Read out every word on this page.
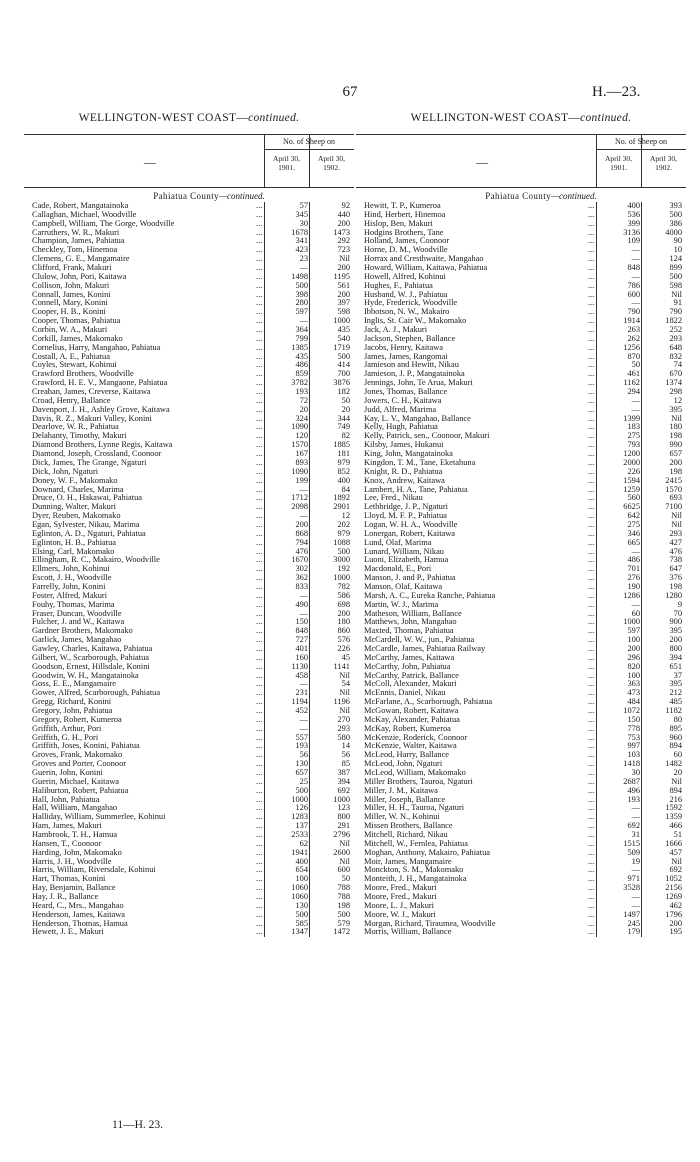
67	H.—23.
WELLINGTON-WEST COAST—continued.
—
No. of Sheep on
April 30,
1901.
April 30,
1902.
Pahiatua County—continued.
Cade, Robert, Mangatainoka	...	57	92
Callaghan, Michael, Woodville	...	345	440
Campbell, William, The Gorge, Woodville	...	30	200
Carruthers, W. R., Makuri	...	1678	1473
Champion, James, Pahiatua	...	341	292
Checkley, Tom, Hinemoa	...	423	723
Clemens, G. E., Mangamaire	...	23	Nil
Clifford, Frank, Makuri	...	—	200
Clulow, John, Pori, Kaitawa	...	1498	1195
Collison, John, Makuri	...	500	561
Connall, James, Konini	...	398	200
Connell, Mary, Konini	...	280	397
Cooper, H. B., Konini	...	597	598
Cooper, Thomas, Pahiatua	...	—	1000
Corbin, W. A., Makuri	...	364	435
Corkill, James, Makomako	...	799	540
Cornelius, Harry, Mangahao, Pahiatua	...	1385	1719
Costall, A. E., Pahiatua	...	435	500
Coyles, Stewart, Kohinui	...	486	414
Crawford Brothers, Woodville	...	859	700
Crawford, H. E. V., Mangaone, Pahiatua	...	3782	3876
Creahan, James, Creverse, Kaitawa	...	193	182
Croad, Henry, Ballance	...	72	50
Davenport, J. H., Ashley Grove, Kaitawa	...	20	20
Davis, R. Z., Makuri Valley, Konini	...	324	344
Dearlove, W. R., Pahiatua	...	1090	749
Delahanty, Timothy, Makuri	...	120	82
Diamond Brothers, Lynne Regis, Kaitawa	...	1570	1885
Diamond, Joseph, Crossland, Coonoor	...	167	181
Dick, James, The Grange, Ngaturi	...	893	979
Dick, John, Ngaturi	...	1090	852
Doney, W. F., Makomako	...	199	400
Downard, Charles, Marima	...	—	84
Druce, O. H., Hakawai, Pahiatua	...	1712	1892
Dunning, Walter, Makuri	...	2098	2901
Dyer, Reuben, Makomako	...	—	12
Egan, Sylvester, Nikau, Marima	...	200	202
Eglinton, A. D., Ngaturi, Pahiatua	...	868	979
Eglinton, H. B., Pahiatua	...	794	1088
Elsing, Carl, Makomako	...	476	500
Ellingham, R. C., Makairo, Woodville	...	1670	3000
Ellmers, John, Kohinui	...	302	192
Escott, J. H., Woodville	...	362	1000
Farrelly, John, Konini	...	833	782
Foster, Alfred, Makuri	...	—	586
Fouhy, Thomas, Marima	...	490	698
Fraser, Duncan, Woodville	...	—	200
Fulcher, J. and W., Kaitawa	...	150	180
Gardner Brothers, Makomako	...	848	860
Garlick, James, Mangahao	...	727	576
Gawley, Charles, Kaitawa, Pahiatua	...	401	226
Gilbert, W., Scarborough, Pahiatua	...	160	45
Goodson, Ernest, Hillsdale, Konini	...	1130	1141
Goodwin, W. H., Mangatainoka	...	458	Nil
Goss, E. E., Mangamaire	...	—	54
Gower, Alfred, Scarborough, Pahiatua	...	231	Nil
Gregg, Richard, Konini	...	1194	1196
Gregory, John, Pahiatua	...	452	Nil
Gregory, Robert, Kumeroa	...	—	270
Griffith, Arthur, Pori	...	—	293
Griffith, G. H., Pori	...	557	580
Griffith, Joses, Konini, Pahiatua	...	193	14
Groves, Frank, Makomako	...	56	56
Groves and Porter, Coonoor	...	130	85
Guerin, John, Konini	...	657	387
Guerin, Michael, Kaitawa	...	25	394
Haliburton, Robert, Pahiatua	...	500	692
Hall, John, Pahiatua	...	1000	1000
Hall, William, Mangahao	...	126	123
Halliday, William, Summerlee, Kohinui	...	1283	800
Ham, James, Makuri	...	137	291
Hambrook, T. H., Hamua	...	2533	2796
Hansen, T., Coonoor	...	62	Nil
Harding, John, Makomako	...	1941	2600
Harris, J. H., Woodville	...	400	Nil
Harris, William, Riversdale, Kohinui	...	654	600
Hart, Thomas, Konini	...	100	50
Hay, Benjamin, Ballance	...	1060	788
Hay, J. R., Ballance	...	1060	788
Heard, C., Mrs., Mangahao	...	130	198
Henderson, James, Kaitawa	...	500	500
Henderson, Thomas, Hamua	...	585	579
Hewett, J. E., Makuri	...	1347	1472
WELLINGTON-WEST COAST—continued.
—
No. of Sheep on
April 30,
1901.
April 30,
1902.
Pahiatua County—continued.
Hewitt, T. P., Kumeroa	...	400	393
Hind, Herbert, Hinemoa	...	536	500
Hislop, Ben, Makuri	...	399	386
Hodgins Brothers, Tane	...	3136	4000
Holland, James, Coonoor	...	109	90
Horne, D. M., Woodville	...	—	10
Horrax and Cresthwaite, Mangahao	...	—	124
Howard, William, Kaitawa, Pahiatua	...	848	899
Howell, Alfred, Kohinui	...	—	500
Hughes, F., Pahiatua	...	786	598
Husband, W. J., Pahiatua	...	600	Nil
Hyde, Frederick, Woodville	...	—	91
Ibbotson, N. W., Makairo	...	790	790
Inglis, St. Cair W., Makomako	...	1914	1822
Jack, A. J., Makuri	...	263	252
Jackson, Stephen, Ballance	...	262	293
Jacobs, Henry, Kaitawa	...	1256	648
James, James, Rangomai	...	870	832
Jamieson and Hewitt, Nikau	...	50	74
Jamieson, J. P., Mangatainoka	...	461	670
Jennings, John, Te Arua, Makuri	...	1162	1374
Jones, Thomas, Ballance	...	294	298
Jowers, C. H., Kaitawa	...	—	12
Judd, Alfred, Marima	...	—	395
Kay, L. V., Mangahao, Ballance	...	1399	Nil
Kelly, Hugh, Pahiatua	...	183	180
Kelly, Patrick, sen., Coonoor, Makuri	...	275	198
Kilsby, James, Hukanui	...	793	990
King, John, Mangatainoka	...	1200	657
Kingdon, T. M., Tane, Eketahuna	...	2000	200
Knight, R. D., Pahiatua	...	226	198
Knox, Andrew, Kaitawa	...	1594	2415
Lambert, H. A., Tane, Pahiatua	...	1259	1570
Lee, Fred., Nikau	...	560	693
Lethbridge, J. P., Ngaturi	...	6625	7100
Lloyd, M. F. P., Pahiatua	...	642	Nil
Logan, W. H. A., Woodville	...	275	Nil
Lonergan, Robert, Kaitawa	...	346	293
Lund, Olaf, Marima	...	665	427
Lunard, William, Nikau	...	—	476
Luoni, Elizabeth, Hamua	...	486	738
Macdonald, E., Pori	...	701	647
Manson, J. and P., Pahiatua	...	276	376
Manson, Olaf, Kaitawa	...	190	198
Marsh, A. C., Eureka Ranche, Pahiatua	...	1286	1280
Martin, W. J., Marima	...	—	9
Matheson, William, Ballance	...	60	70
Matthews, John, Mangahao	...	1000	900
Maxted, Thomas, Pahiatua	...	597	395
McCardell, W. W., jun., Pahiatua	...	100	200
McCardle, James, Pahiatua Railway	...	200	800
McCarthy, James, Kaitawa	...	296	394
McCarthy, John, Pahiatua	...	820	651
McCarthy, Patrick, Ballance	...	100	37
McColl, Alexander, Makuri	...	363	395
McEnnis, Daniel, Nikau	...	473	212
McFarlane, A., Scarborough, Pahiatua	...	484	485
McGowan, Robert, Kaitawa	...	1072	1182
McKay, Alexander, Pahiatua	...	150	80
McKay, Robert, Kumeroa	...	778	895
McKenzie, Roderick, Coonoor	...	753	960
McKenzie, Walter, Kaitawa	...	997	894
McLeod, Harry, Ballance	...	103	60
McLeod, John, Ngaturi	...	1418	1482
McLeod, William, Makomako	...	30	20
Miller Brothers, Tauroa, Ngaturi	...	2687	Nil
Miller, J. M., Kaitawa	...	496	894
Miller, Joseph, Ballance	...	193	216
Miller, H. H., Tauroa, Ngaturi	...	—	1592
Miller, W. N., Kohinui	...	—	1359
Missen Brothers, Ballance	...	692	466
Mitchell, Richard, Nikau	...	31	51
Mitchell, W., Fernlea, Pahiatua	...	1515	1666
Moghan, Anthony, Makairo, Pahiatua	...	509	457
Moir, James, Mangamaire	...	19	Nil
Monckton, S. M., Makomako	...	—	692
Monteith, J. H., Mangatainoka	...	971	1052
Moore, Fred., Makuri	...	3528	2156
Moore, Fred., Makuri	...	—	1269
Moore, L. J., Makuri	...	—	462
Moore, W. J., Makuri	...	1497	1796
Morgan, Richard, Tiraumea, Woodville	...	245	200
Morris, William, Ballance	...	179	195
11—H. 23.
